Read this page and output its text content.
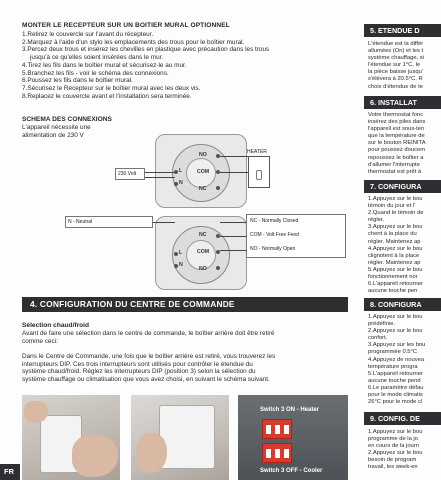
MONTER LE RECEPTEUR SUR UN BOITIER MURAL OPTIONNEL
1.Retirez le couvercle sur l'avant du récepteur.
2.Marquez à l'aide d'un stylo les emplacements des trous pour le boîtier mural.
3.Percez deux trous et insérez les chevilles en plastique avec précaution dans les trous
jusqu'à ce qu'elles soient insérées dans le mur.
4.Tirez les fils dans le boîtier mural et sécurisez-le au mur.
5.Branchez les fils - voir le schéma des connexions.
6.Poussez les fils dans le boîtier mural.
7.Sécurisez le Récepteur sur le boîtier mural avec les deux vis.
8.Replacez le couvercle avant et l'installation sera terminée.
SCHEMA DES CONNEXIONS
L'appareil nécessite une
alimentation de 230 V
NO
COM
NC
L
N
230 Volt
HEATER
NC
COM
NO
L
N
N - Neutral	NC - Normally Closed
COM - Volt Free Feed
NO - Normally Open
4. CONFIGURATION DU CENTRE DE COMMANDE
Sélection chaud/froid
Avant de faire une sélection dans le centre de commande, le boîtier arrière doit être retiré
comme ceci:
Dans le Centre de Commande, une fois que le boîtier arrière est retiré, vous trouverez les
interrupteurs DIP. Ces trois interrupteurs sont utilisés pour contrôler le étendue du
système chaud/froid. Réglez les interrupteurs DIP (position 3) selon la sélection du
système chauffage ou climatisation que vous avez choisi, en suivant le schéma suivant.
Switch 3 ON - Heater
Switch 3 OFF - Cooler
FR
5. ETENDUE D
L'étendue est la différ
allumées (On) et les t
système chauffage, si
l'étendue sur 1°C, le
la pièce baisse jusqu'
s'élèvera à 20.5°C. R
choix d'étendue de te
6. INSTALLAT
Votre thermostat fonc
insérez des piles dans
l'appareil est sous-ten
que la température de
sur le bouton REINITA
pour poussez doucem
repoussez le boîtier a
d'allumer l'interrupte
thermostat est prêt à
7. CONFIGURA
1.Appuyez sur le bou
témoin du jour et l'
2.Quand le témoin de
régler.
3.Appuyez sur le bou
chent à la place du
régler. Maintenez ap
4.Appuyez sur le bou
clignotent à la place
régler. Maintenez ap
5.Appuyez sur le bou
fonctionnement nor
6.L'appareil retourner
aucune touche pen
8. CONFIGURA
1.Appuyez sur le bou
prédéfinie.
2.Appuyez sur le bou
confort.
3.Appuyez sur les bou
programmée 0.5°C
4.Appuyez de nouvea
température progra
5.L'appareil retourner
aucune touche pend
6.Le paramètre défau
pour le mode climatis
26°C pour le mode cl
9. CONFIG. DE
1.Appuyez sur le bou
programme de la jo
en cours de la journ
2.Appuyez sur le bou
besoin de program
travail, les week-en
